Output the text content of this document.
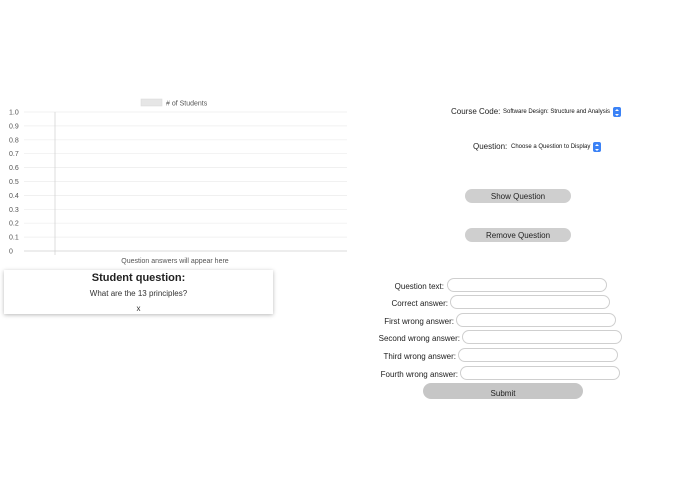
# of Students
1.0
0.9
0.8
0.7
0.6
0.5
0.4
0.3
0.2
0.1
0
Question answers will appear here
Student question:
What are the 13 principles?
x
Course Code: Software Design: Structure and Analysis
Question: Choose a Question to Display
Show Question
Remove Question
Question text:
Correct answer:
First wrong answer:
Second wrong answer:
Third wrong answer:
Fourth wrong answer:
Submit
